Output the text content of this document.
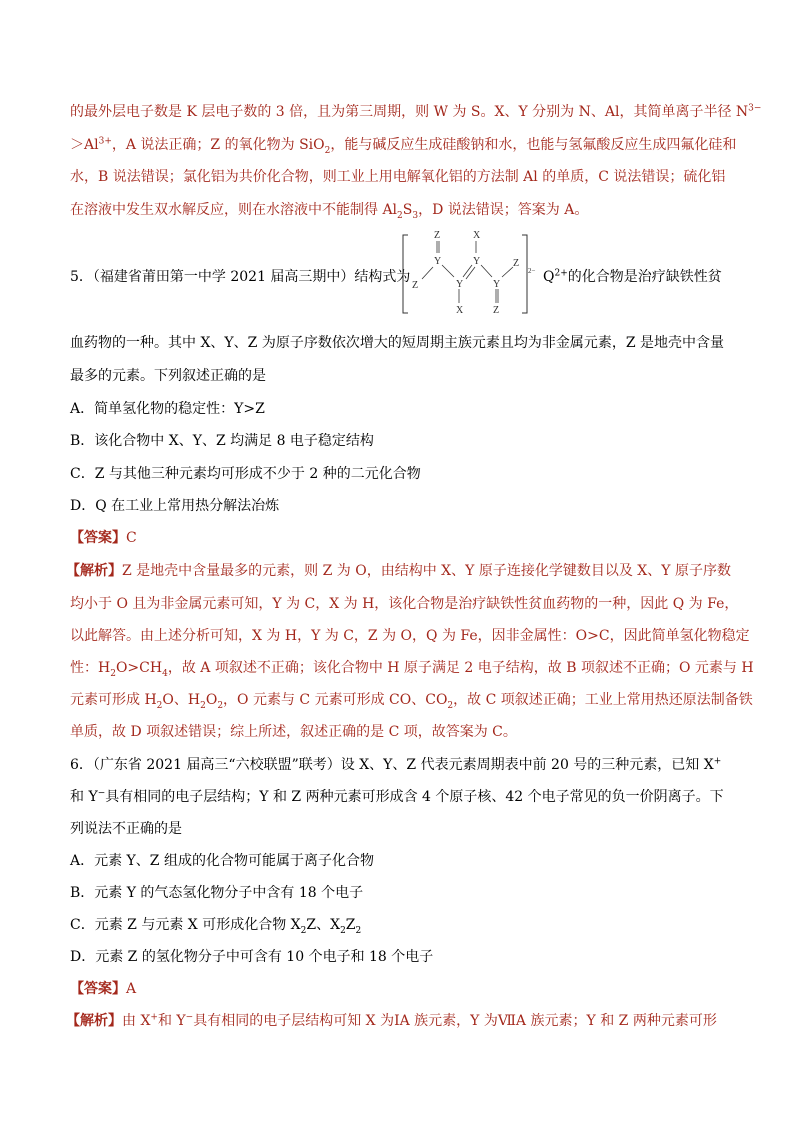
的最外层电子数是 K 层电子数的 3 倍，且为第三周期，则 W 为 S。X、Y 分别为 N、Al，其简单离子半径 $N^{3-}$
$>Al^{3+}$，A 说法正确；Z 的氧化物为 SiO$_2$，能与碱反应生成硅酸钠和水，也能与氢氟酸反应生成四氟化硅和
水，B 说法错误；氯化铝为共价化合物，则工业上用电解氧化铝的方法制 Al 的单质，C 说法错误；硫化铝
在溶液中发生双水解反应，则在水溶液中不能制得 $Al_2S_3$，D 说法错误；答案为 A。
5．（福建省莆田第一中学 2021 届高三期中）结构式为
Z	X
Y	Y
Z	Y	Y
Z
X	Z
$2- Q^{2+}$的化合物是治疗缺铁性贫
血药物的一种。其中 X、Y、Z 为原子序数依次增大的短周期主族元素且均为非金属元素，Z 是地壳中含量
最多的元素。下列叙述正确的是
A．简单氢化物的稳定性：Y>Z
B．该化合物中 X、Y、Z 均满足 8 电子稳定结构
C．Z 与其他三种元素均可形成不少于 2 种的二元化合物
D．Q 在工业上常用热分解法冶炼
【答案】C
【解析】Z 是地壳中含量最多的元素，则 Z 为 O，由结构中 X、Y 原子连接化学键数目以及 X、Y 原子序数
均小于 O 且为非金属元素可知，Y 为 C，X 为 H，该化合物是治疗缺铁性贫血药物的一种，因此 Q 为 Fe，
以此解答。由上述分析可知，X 为 H，Y 为 C，Z 为 O，Q 为 Fe，因非金属性：O>C，因此简单氢化物稳定
性：$H_2O>CH_4$，故 A 项叙述不正确；该化合物中 H 原子满足 2 电子结构，故 B 项叙述不正确；O 元素与 H
元素可形成 $H_2O$、$H_2O_2$，O 元素与 C 元素可形成 CO、$CO_2$，故 C 项叙述正确；工业上常用热还原法制备铁
单质，故 D 项叙述错误；综上所述，叙述正确的是 C 项，故答案为 C。
6．（广东省 2021 届高三“六校联盟”联考）设 X、Y、Z 代表元素周期表中前 20 号的三种元素，已知 X+
和 Y−具有相同的电子层结构；Y 和 Z 两种元素可形成含 4 个原子核、42 个电子常见的负一价阴离子。下
列说法不正确的是
A．元素 Y、Z 组成的化合物可能属于离子化合物
B．元素 Y 的气态氢化物分子中含有 18 个电子
C．元素 Z 与元素 X 可形成化合物 $X_2Z$、$X_2Z_2$
D．元素 Z 的氢化物分子中可含有 10 个电子和 18 个电子
【答案】A
【解析】由 X+和 Y−具有相同的电子层结构可知 X 为ⅠA 族元素，Y 为ⅦA 族元素；Y 和 Z 两种元素可形
